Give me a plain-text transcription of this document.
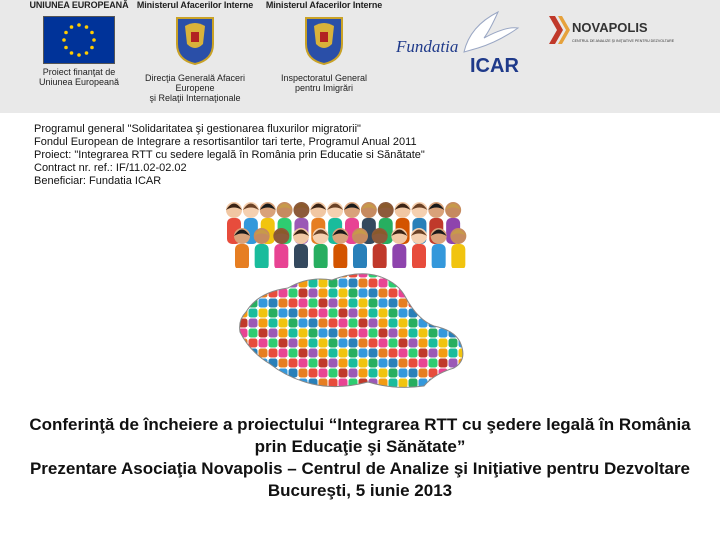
UNIUNEA EUROPEANĂ
Proiect finanţat de
Uniunea Europeană
Ministerul Afacerilor Interne
Direcţia Generală Afaceri
Europene
şi Relaţii Internaţionale
Ministerul Afacerilor Interne
Inspectoratul General
pentru Imigrări
Fundatia
ICAR
NOVAPOLIS
CENTRUL DE ANALIZE ŞI INIŢIATIVE PENTRU DEZVOLTARE
Programul general "Solidaritatea şi gestionarea fluxurilor migratorii"
Fondul European de Integrare a resortisantilor tari terte, Programul Anual 2011
Proiect: "Integrarea RTT cu sedere legală în România prin Educatie si Sănătate"
Contract nr. ref.: IF/11.02-02.02
Beneficiar: Fundatia ICAR
Conferinţă de încheiere a proiectului “Integrarea RTT cu şedere legală în România
prin Educaţie şi Sănătate”
Prezentare Asociaţia Novapolis – Centrul de Analize şi Iniţiative pentru Dezvoltare
Bucureşti, 5 iunie 2013
